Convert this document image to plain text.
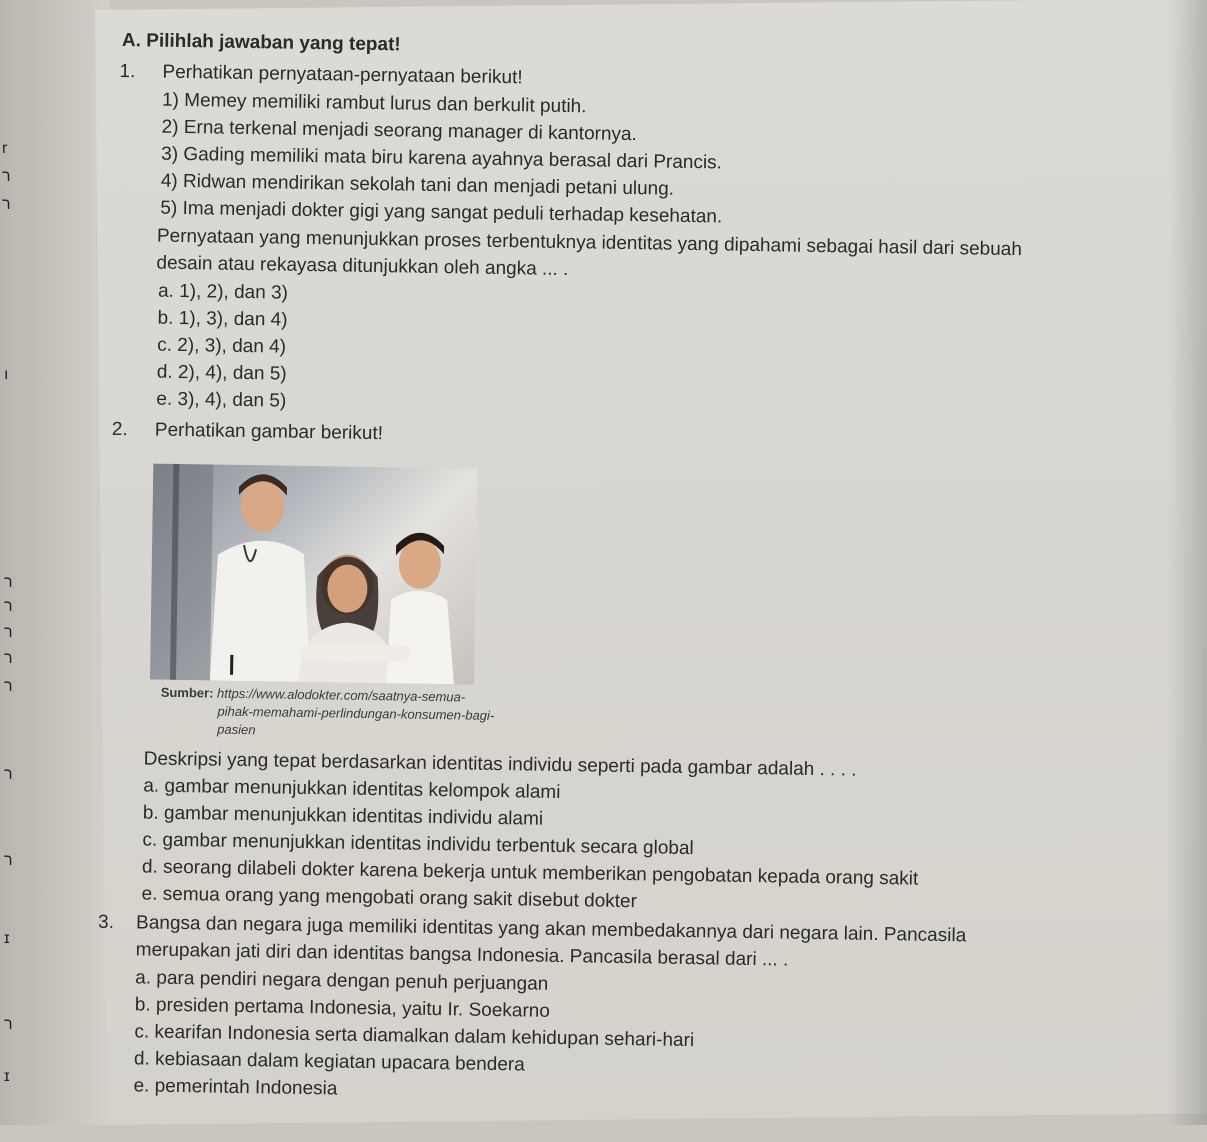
r
ר
ר
ı
ר
ר
ר
ר
ר
ר
ר
ɪ
ר
ɪ
A. Pilihlah jawaban yang tepat!
1. Perhatikan pernyataan-pernyataan berikut!
1) Memey memiliki rambut lurus dan berkulit putih.
2) Erna terkenal menjadi seorang manager di kantornya.
3) Gading memiliki mata biru karena ayahnya berasal dari Prancis.
4) Ridwan mendirikan sekolah tani dan menjadi petani ulung.
5) Ima menjadi dokter gigi yang sangat peduli terhadap kesehatan.
Pernyataan yang menunjukkan proses terbentuknya identitas yang dipahami sebagai hasil dari sebuah
desain atau rekayasa ditunjukkan oleh angka ... .
a. 1), 2), dan 3)
b. 1), 3), dan 4)
c. 2), 3), dan 4)
d. 2), 4), dan 5)
e. 3), 4), dan 5)
2. Perhatikan gambar berikut!
Sumber: https://www.alodokter.com/saatnya-semua-
pihak-memahami-perlindungan-konsumen-bagi-
pasien
Deskripsi yang tepat berdasarkan identitas individu seperti pada gambar adalah . . . .
a. gambar menunjukkan identitas kelompok alami
b. gambar menunjukkan identitas individu alami
c. gambar menunjukkan identitas individu terbentuk secara global
d. seorang dilabeli dokter karena bekerja untuk memberikan pengobatan kepada orang sakit
e. semua orang yang mengobati orang sakit disebut dokter
3. Bangsa dan negara juga memiliki identitas yang akan membedakannya dari negara lain. Pancasila
merupakan jati diri dan identitas bangsa Indonesia. Pancasila berasal dari ... .
a. para pendiri negara dengan penuh perjuangan
b. presiden pertama Indonesia, yaitu Ir. Soekarno
c. kearifan Indonesia serta diamalkan dalam kehidupan sehari-hari
d. kebiasaan dalam kegiatan upacara bendera
e. pemerintah Indonesia
